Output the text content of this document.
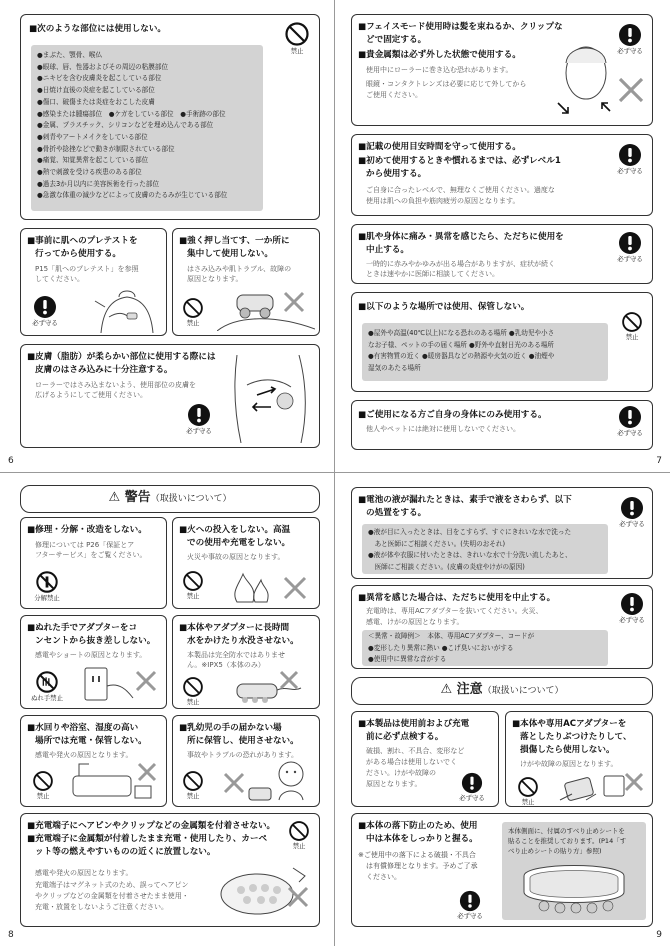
■次のような部位には使用しない。
●まぶた、顎骨、喉仏
●眼球、唇、性器およびその周辺の粘膜部位
●ニキビを含む皮膚炎を起こしている部位
●日焼け直後の炎症を起こしている部位
●傷口、破傷または炎症をおこした皮膚
●感染または腫瘍部位　●ケガをしている部位　●手術跡の部位
●金属、プラスチック、シリコンなどを埋め込んである部位
●刺青やアートメイクをしている部位
●骨折や捻挫などで動きが制限されている部位
●痛覚、知覚異常を起こしている部位
●熱で刺激を受ける疾患のある部位
●過去3か月以内に美容医術を行った部位
●急激な体重の減少などによって皮膚のたるみが生じている部位
禁止
■事前に肌へのプレテストを
行ってから使用する。
P15「肌へのプレテスト」を参照
してください。
必ず守る
■強く押し当てす、一か所に
集中して使用しない。
はさみ込みや肌トラブル、故障の
原因となります。
禁止
■皮膚（脂肪）が柔らかい部位に使用する際には
皮膚のはさみ込みに十分注意する。
ローラーではさみ込まないよう、使用部位の皮膚を
広げるようにしてご使用ください。
必ず守る
6
■フェイスモード使用時は髪を束ねるか、クリップな
どで固定する。
■貴金属類は必ず外した状態で使用する。
使用中にローラーに巻き込む恐れがあります。
眼鏡・コンタクトレンズは必要に応じて外してから
ご使用ください。
必ず守る
■記載の使用目安時間を守って使用する。
■初めて使用するときや慣れるまでは、必ずレベル1
から使用する。
ご自身に合ったレベルで、無理なくご使用ください。過度な
使用は肌への負担や筋肉疲労の原因となります。
必ず守る
■肌や身体に痛み・異常を感じたら、ただちに使用を
中止する。
一時的に赤みやかゆみが出る場合がありますが、症状が続く
ときは速やかに医師に相談してください。
必ず守る
■以下のような場所では使用、保管しない。
●屋外や高温(40℃以上)になる恐れのある場所 ●乳幼児や小さ
なお子様、ペットの手の届く場所 ●野外や直射日光のある場所
●有害物質の近く ●暖房器具などの熱源や火気の近く ●油煙や
湿気のあたる場所
禁止
■ご使用になる方ご自身の身体にのみ使用する。
他人やペットには絶対に使用しないでください。	必ず守る
7
⚠ 警告（取扱いについて）
■修理・分解・改造をしない。
修理については P26「保証とア
フターサービス」をご覧ください。
分解禁止
■火への投入をしない。高温
での使用や充電をしない。
火災や事故の原因となります。
禁止
■ぬれた手でアダプターをコ
ンセントから抜き差ししない。
感電やショートの原因となります。
ぬれ手禁止
■本体やアダプターに長時間
水をかけたり水没させない。
本製品は完全防水ではありませ
ん。※IPX5（本体のみ）
禁止
■水回りや浴室、湿度の高い
場所では充電・保管しない。
感電や発火の原因となります。
禁止
■乳幼児の手の届かない場
所に保管し、使用させない。
事故やトラブルの恐れがあります。
禁止
■充電端子にヘアピンやクリップなどの金属類を付着させない。
■充電端子に金属類が付着したまま充電・使用したり、カーペ
ット等の燃えやすいものの近くに放置しない。
感電や発火の原因となります。
充電端子はマグネット式のため、誤ってヘアピン
やクリップなどの金属類を付着させたまま使用・
充電・放置をしないようご注意ください。
禁止
8
■電池の液が漏れたときは、素手で液をさわらず、以下
の処置をする。
●液が目に入ったときは、目をこすらず、すぐにきれいな水で洗った
　あと医師にご相談ください。(失明のおそれ)
●液が体や衣服に付いたときは、きれいな水で十分洗い流したあと、
　医師にご相談ください。(皮膚の炎症やけがの原因)
必ず守る
■異常を感じた場合は、ただちに使用を中止する。
充電時は、専用ACアダプターを抜いてください。火災、
感電、けがの原因となります。
＜異常・故障例＞　本体、専用ACアダプター、コードが
●変形したり異常に熱い ●こげ臭いにおいがする
●使用中に異常な音がする
必ず守る
⚠ 注意（取扱いについて）
■本製品は使用前および充電
前に必ず点検する。
破損、割れ、不具合、変形など
がある場合は使用しないでく
ださい。けがや故障の
原因となります。
必ず守る
■本体や専用ACアダプターを
落としたりぶつけたりして、
損傷したら使用しない。
けがや故障の原因となります。
禁止
■本体の落下防止のため、使用
中は本体をしっかりと握る。
※ご使用中の落下による破損・不具合
は有償修理となります。予めご了承
ください。
必ず守る
本体側面に、付属のすべり止めシートを
貼ることを推奨しております。(P14「す
べり止めシートの貼り方」参照)
9
